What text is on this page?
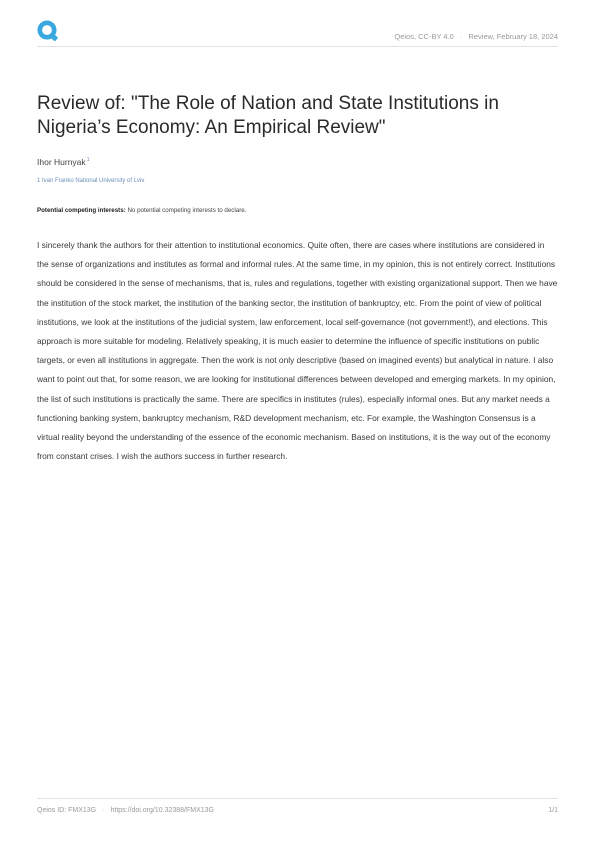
Qeios, CC-BY 4.0 · Review, February 18, 2024
Review of: "The Role of Nation and State Institutions in Nigeria’s Economy: An Empirical Review"
Ihor Hurnyak$^1$
1 Ivan Franko National University of Lviv
Potential competing interests: No potential competing interests to declare.

I sincerely thank the authors for their attention to institutional economics. Quite often, there are cases where institutions are considered in the sense of organizations and institutes as formal and informal rules. At the same time, in my opinion, this is not entirely correct. Institutions should be considered in the sense of mechanisms, that is, rules and regulations, together with existing organizational support. Then we have the institution of the stock market, the institution of the banking sector, the institution of bankruptcy, etc. From the point of view of political institutions, we look at the institutions of the judicial system, law enforcement, local self-governance (not government!), and elections. This approach is more suitable for modeling. Relatively speaking, it is much easier to determine the influence of specific institutions on public targets, or even all institutions in aggregate. Then the work is not only descriptive (based on imagined events) but analytical in nature. I also want to point out that, for some reason, we are looking for institutional differences between developed and emerging markets. In my opinion, the list of such institutions is practically the same. There are specifics in institutes (rules), especially informal ones. But any market needs a functioning banking system, bankruptcy mechanism, R&D development mechanism, etc. For example, the Washington Consensus is a virtual reality beyond the understanding of the essence of the economic mechanism. Based on institutions, it is the way out of the economy from constant crises. I wish the authors success in further research.

Qeios ID: FMX13G · https://doi.org/10.32388/FMX13G	1/1
